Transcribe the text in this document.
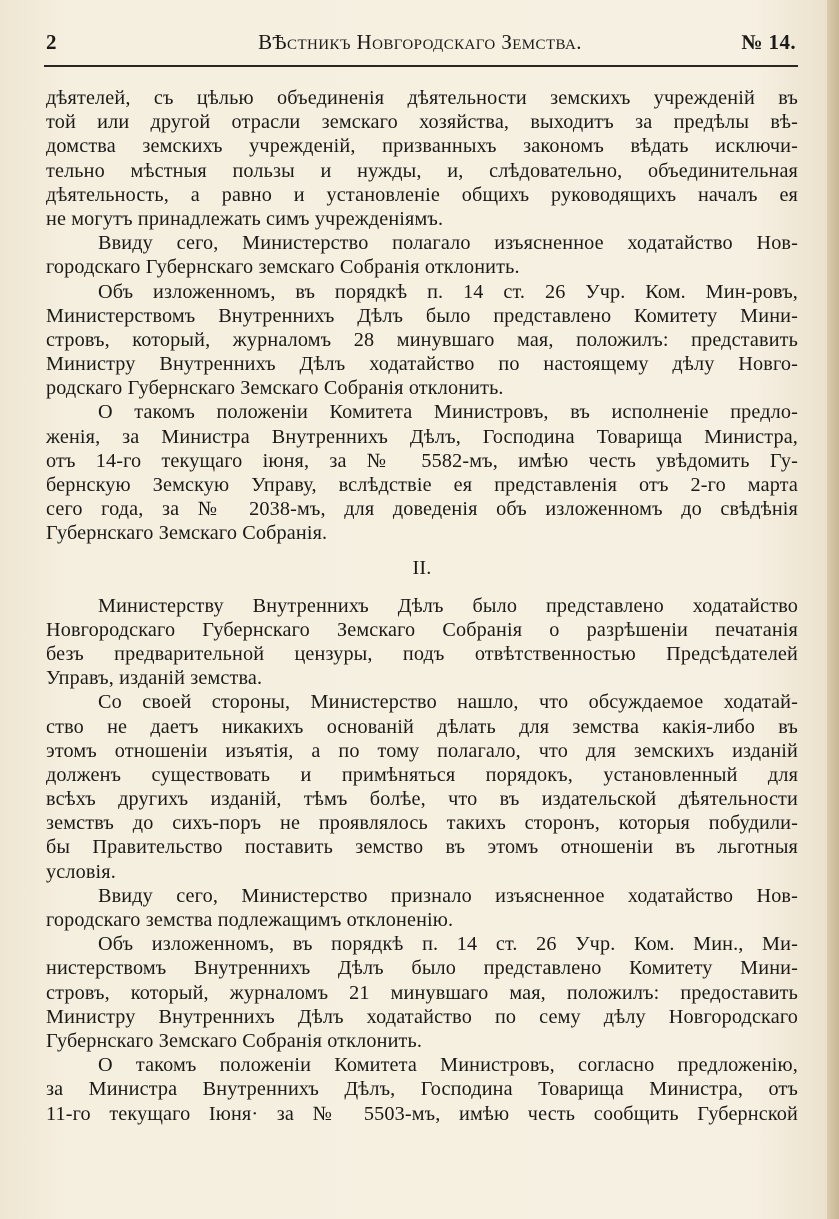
2	ВѢстникъ Новгородскаго Земства.	№ 14.
дѣятелей, съ цѣлью объединенія дѣятельности земскихъ учрежденій въ
той или другой отрасли земскаго хозяйства, выходитъ за предѣлы вѣ-
домства земскихъ учрежденій, призванныхъ закономъ вѣдать исключи-
тельно мѣстныя пользы и нужды, и, слѣдовательно, объединительная
дѣятельность, а равно и установленіе общихъ руководящихъ началъ ея
не могутъ принадлежать симъ учрежденіямъ.
Ввиду сего, Министерство полагало изъясненное ходатайство Нов-
городскаго Губернскаго земскаго Собранія отклонить.
Объ изложенномъ, въ порядкѣ п. 14 ст. 26 Учр. Ком. Мин-ровъ,
Министерствомъ Внутреннихъ Дѣлъ было представлено Комитету Мини-
стровъ, который, журналомъ 28 минувшаго мая, положилъ: представить
Министру Внутреннихъ Дѣлъ ходатайство по настоящему дѣлу Новго-
родскаго Губернскаго Земскаго Собранія отклонить.
О такомъ положеніи Комитета Министровъ, въ исполненіе предло-
женія, за Министра Внутреннихъ Дѣлъ, Господина Товарища Министра,
отъ 14-го текущаго іюня, за № 5582-мъ, имѣю честь увѣдомить Гу-
бернскую Земскую Управу, вслѣдствіе ея представленія отъ 2-го марта
сего года, за № 2038-мъ, для доведенія объ изложенномъ до свѣдѣнія
Губернскаго Земскаго Собранія.
II.
Министерству Внутреннихъ Дѣлъ было представлено ходатайство
Новгородскаго Губернскаго Земскаго Собранія о разрѣшеніи печатанія
безъ предварительной цензуры, подъ отвѣтственностью Предсѣдателей
Управъ, изданій земства.
Со своей стороны, Министерство нашло, что обсуждаемое ходатай-
ство не даетъ никакихъ основаній дѣлать для земства какія-либо въ
этомъ отношеніи изъятія, а по тому полагало, что для земскихъ изданій
долженъ существовать и примѣняться порядокъ, установленный для
всѣхъ другихъ изданій, тѣмъ болѣе, что въ издательской дѣятельности
земствъ до сихъ-поръ не проявлялось такихъ сторонъ, которыя побудили-
бы Правительство поставить земство въ этомъ отношеніи въ льготныя
условія.
Ввиду сего, Министерство признало изъясненное ходатайство Нов-
городскаго земства подлежащимъ отклоненію.
Объ изложенномъ, въ порядкѣ п. 14 ст. 26 Учр. Ком. Мин., Ми-
нистерствомъ Внутреннихъ Дѣлъ было представлено Комитету Мини-
стровъ, который, журналомъ 21 минувшаго мая, положилъ: предоставить
Министру Внутреннихъ Дѣлъ ходатайство по сему дѣлу Новгородскаго
Губернскаго Земскаго Собранія отклонить.
О такомъ положеніи Комитета Министровъ, согласно предложенію,
за Министра Внутреннихъ Дѣлъ, Господина Товарища Министра, отъ
11-го текущаго Іюня· за № 5503-мъ, имѣю честь сообщить Губернской
